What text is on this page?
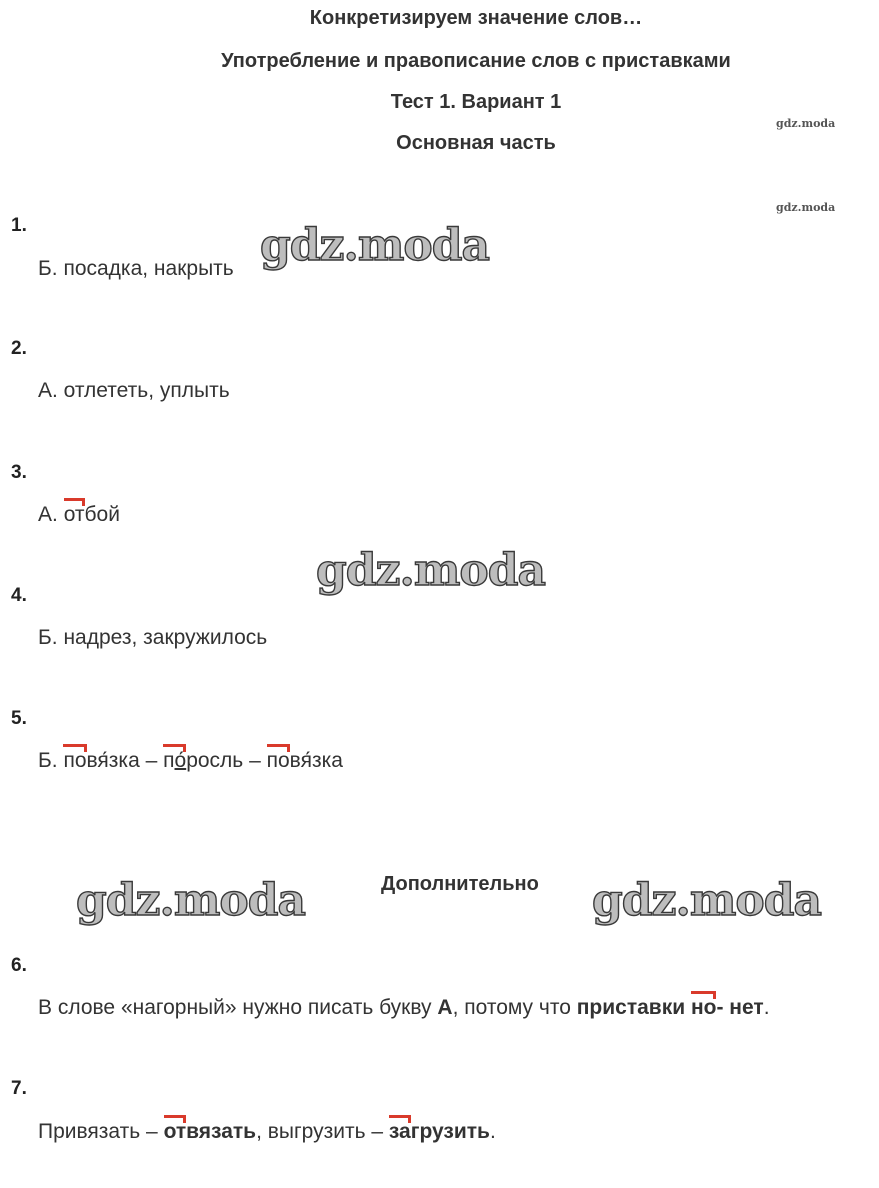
Конкретизируем значение слов…
Употребление и правописание слов с приставками
Тест 1. Вариант 1
Основная часть
gdz.moda
gdz.moda
1.
Б. посадка, накрыть gdz.moda
2.
А. отлететь, уплыть
3.
А. отбой
gdz.moda
4.
Б. надрез, закружилось
5.
Б. повя́зка – по́росль – повя́зка
gdz.moda	Дополнительно gdz.moda
6.
В слове «нагорный» нужно писать букву А, потому что приставки но- нет.
7.
Привязать – отвязать, выгрузить – загрузить.
